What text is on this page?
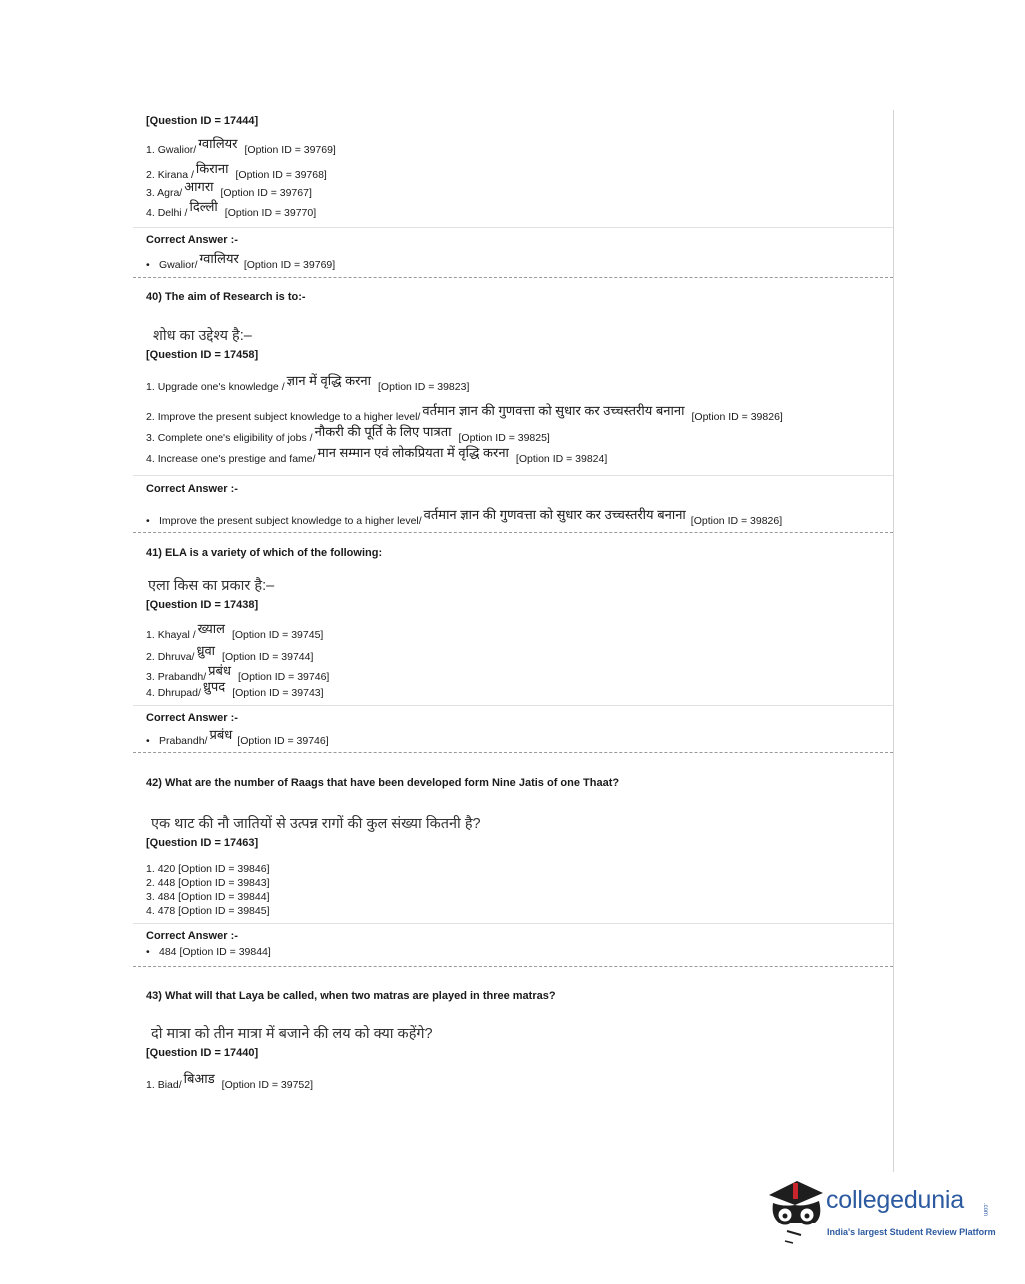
[Question ID = 17444]
1. Gwalior/ ग्वालियर [Option ID = 39769]
2. Kirana / किराना [Option ID = 39768]
3. Agra/ आगरा [Option ID = 39767]
4. Delhi / दिल्ली [Option ID = 39770]
Correct Answer :-
• Gwalior/ ग्वालियर [Option ID = 39769]
40) The aim of Research is to:-
शोध का उद्देश्य है:–
[Question ID = 17458]
1. Upgrade one's knowledge / ज्ञान में वृद्धि करना [Option ID = 39823]
2. Improve the present subject knowledge to a higher level/ वर्तमान ज्ञान की गुणवत्ता को सुधार कर उच्चस्तरीय बनाना [Option ID = 39826]
3. Complete one's eligibility of jobs / नौकरी की पूर्ति के लिए पात्रता [Option ID = 39825]
4. Increase one's prestige and fame/ मान सम्मान एवं लोकप्रियता में वृद्धि करना [Option ID = 39824]
Correct Answer :-
• Improve the present subject knowledge to a higher level/ वर्तमान ज्ञान की गुणवत्ता को सुधार कर उच्चस्तरीय बनाना [Option ID = 39826]
41) ELA is a variety of which of the following:
एला किस का प्रकार है:–
[Question ID = 17438]
1. Khayal / ख्याल [Option ID = 39745]
2. Dhruva/ ध्रुवा [Option ID = 39744]
3. Prabandh/ प्रबंध [Option ID = 39746]
4. Dhrupad/ ध्रुपद [Option ID = 39743]
Correct Answer :-
• Prabandh/ प्रबंध [Option ID = 39746]
42) What are the number of Raags that have been developed form Nine Jatis of one Thaat?
एक थाट की नौ जातियों से उत्पन्न रागों की कुल संख्या कितनी है?
[Question ID = 17463]
1. 420 [Option ID = 39846]
2. 448 [Option ID = 39843]
3. 484 [Option ID = 39844]
4. 478 [Option ID = 39845]
Correct Answer :-
• 484 [Option ID = 39844]
43) What will that Laya be called, when two matras are played in three matras?
दो मात्रा को तीन मात्रा में बजाने की लय को क्या कहेंगे?
[Question ID = 17440]
1. Biad/ बिआड [Option ID = 39752]
collegedunia	.com
India's largest Student Review Platform
